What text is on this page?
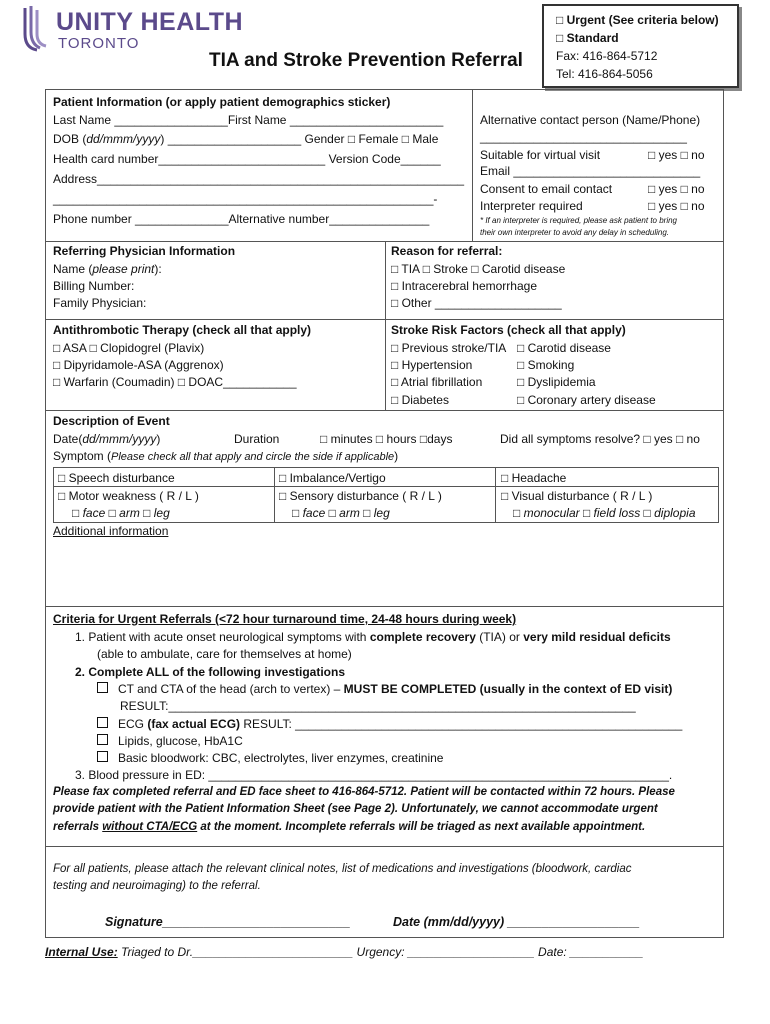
UNITY HEALTH
TORONTO
TIA and Stroke Prevention Referral
□ Urgent (See criteria below)
□ Standard
Fax: 416-864-5712
Tel: 416-864-5056
Patient Information (or apply patient demographics sticker)
Last Name _________________First Name _______________________
DOB (dd/mmm/yyyy) ____________________ Gender □ Female □ Male
Health card number_________________________ Version Code______
Address_______________________________________________________
_________________________________________________________-
Phone number ______________Alternative number_______________
Alternative contact person (Name/Phone)
_______________________________
Suitable for virtual visit	□ yes □ no
Email ____________________________
Consent to email contact	□ yes □ no
Interpreter required	□ yes □ no
* If an interpreter is required, please ask patient to bring
their own interpreter to avoid any delay in scheduling.
Referring Physician Information
Name (please print):
Billing Number:
Family Physician:
Reason for referral:
□ TIA □ Stroke □ Carotid disease
□ Intracerebral hemorrhage
□ Other ___________________
Antithrombotic Therapy (check all that apply)
□ ASA □ Clopidogrel (Plavix)
□ Dipyridamole-ASA (Aggrenox)
□ Warfarin (Coumadin) □ DOAC___________
Stroke Risk Factors (check all that apply)
□ Previous stroke/TIA □ Carotid disease
□ Hypertension	□ Smoking
□ Atrial fibrillation	□ Dyslipidemia
□ Diabetes	□ Coronary artery disease
Description of Event
Date(dd/mmm/yyyy)	Duration	□ minutes □ hours □days	Did all symptoms resolve? □ yes □ no
Symptom (Please check all that apply and circle the side if applicable)
□ Speech disturbance	□ Imbalance/Vertigo	□ Headache
□ Motor weakness ( R / L )	□ Sensory disturbance ( R / L )	□ Visual disturbance ( R / L )
□ face □ arm □ leg	□ face □ arm □ leg	□ monocular □ field loss □ diplopia
Additional information
Criteria for Urgent Referrals (<72 hour turnaround time, 24-48 hours during week)
1. Patient with acute onset neurological symptoms with complete recovery (TIA) or very mild residual deficits
(able to ambulate, care for themselves at home)
2. Complete ALL of the following investigations
CT and CTA of the head (arch to vertex) – MUST BE COMPLETED (usually in the context of ED visit)
RESULT:______________________________________________________________________
ECG (fax actual ECG) RESULT: __________________________________________________________
Lipids, glucose, HbA1C
Basic bloodwork: CBC, electrolytes, liver enzymes, creatinine
3. Blood pressure in ED: _____________________________________________________________________.
Please fax completed referral and ED face sheet to 416-864-5712. Patient will be contacted within 72 hours. Please
provide patient with the Patient Information Sheet (see Page 2). Unfortunately, we cannot accommodate urgent
referrals without CTA/ECG at the moment. Incomplete referrals will be triaged as next available appointment.
For all patients, please attach the relevant clinical notes, list of medications and investigations (bloodwork, cardiac
testing and neuroimaging) to the referral.
Signature___________________________	Date (mm/dd/yyyy) ___________________
Internal Use: Triaged to Dr.________________________ Urgency: ___________________ Date: ___________
